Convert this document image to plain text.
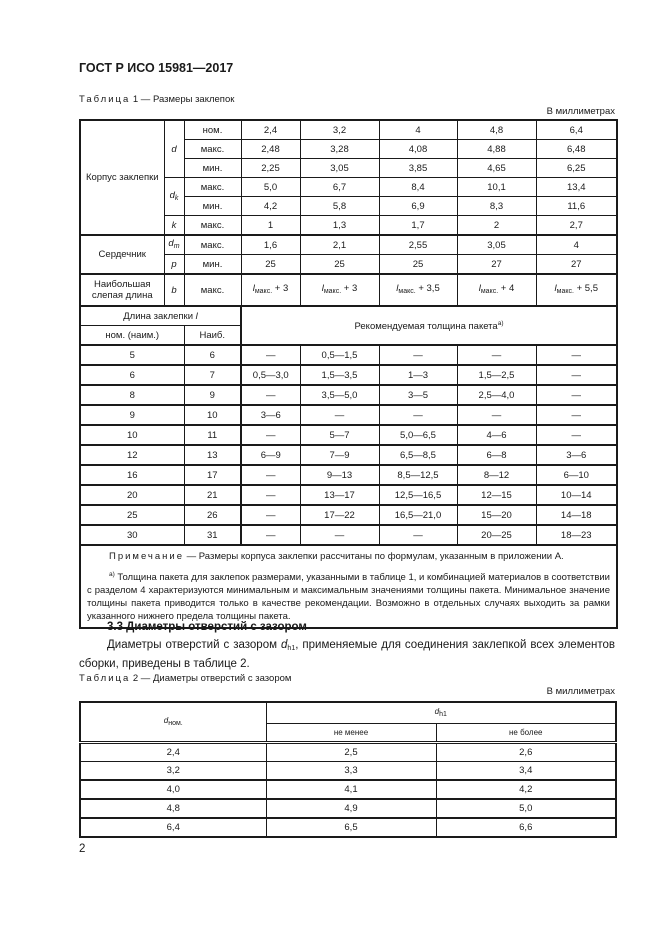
ГОСТ Р ИСО 15981—2017
Таблица 1 — Размеры заклепок
В миллиметрах
Корпус заклепки	d	ном.	2,4	3,2	4	4,8	6,4
		макс.	2,48	3,28	4,08	4,88	6,48
		мин.	2,25	3,05	3,85	4,65	6,25
	$d_k$	макс.	5,0	6,7	8,4	10,1	13,4
		мин.	4,2	5,8	6,9	8,3	11,6
	k	макс.	1	1,3	1,7	2	2,7
Сердечник	$d_m$	макс.	1,6	2,1	2,55	3,05	4
	p	мин.	25	25	25	27	27
Наибольшая слепая длина	b	макс.	$l_{макс.} + 3$	$l_{макс.} + 3$	$l_{макс.} + 3,5$	$l_{макс.} + 4$	$l_{макс.} + 5,5$
Длина заклепки l			Рекомендуемая толщина пакета$^{а)}$
ном. (наим.)		Наиб.					
5		6	—	0,5—1,5	—	—	—
6		7	0,5—3,0	1,5—3,5	1—3	1,5—2,5	—
8		9	—	3,5—5,0	3—5	2,5—4,0	—
9		10	3—6	—	—	—	—
10		11	—	5—7	5,0—6,5	4—6	—
12		13	6—9	7—9	6,5—8,5	6—8	3—6
16		17	—	9—13	8,5—12,5	8—12	6—10
20		21	—	13—17	12,5—16,5	12—15	10—14
25		26	—	17—22	16,5—21,0	15—20	14—18
30		31	—	—	—	20—25	18—23

Примечание — Размеры корпуса заклепки рассчитаны по формулам, указанным в приложении А.

$^{а)}$ Толщина пакета для заклепок размерами, указанными в таблице 1, и комбинацией материалов в соответствии с разделом 4 характеризуются минимальным и максимальным значениями толщины пакета. Минимальное значение толщины пакета приводится только в качестве рекомендации. Возможно в отдельных случаях выходить за рамки указанного нижнего предела толщины пакета.							

3.3 Диаметры отверстий с зазором
Диаметры отверстий с зазором $d_{h1}$, применяемые для соединения заклепкой всех элементов сборки, приведены в таблице 2.
Таблица 2 — Диаметры отверстий с зазором
В миллиметрах
$d_{ном.}$	$d_{h1}$
	не менее	не более
2,4	2,5	2,6
3,2	3,3	3,4
4,0	4,1	4,2
4,8	4,9	5,0
6,4	6,5	6,6
2
